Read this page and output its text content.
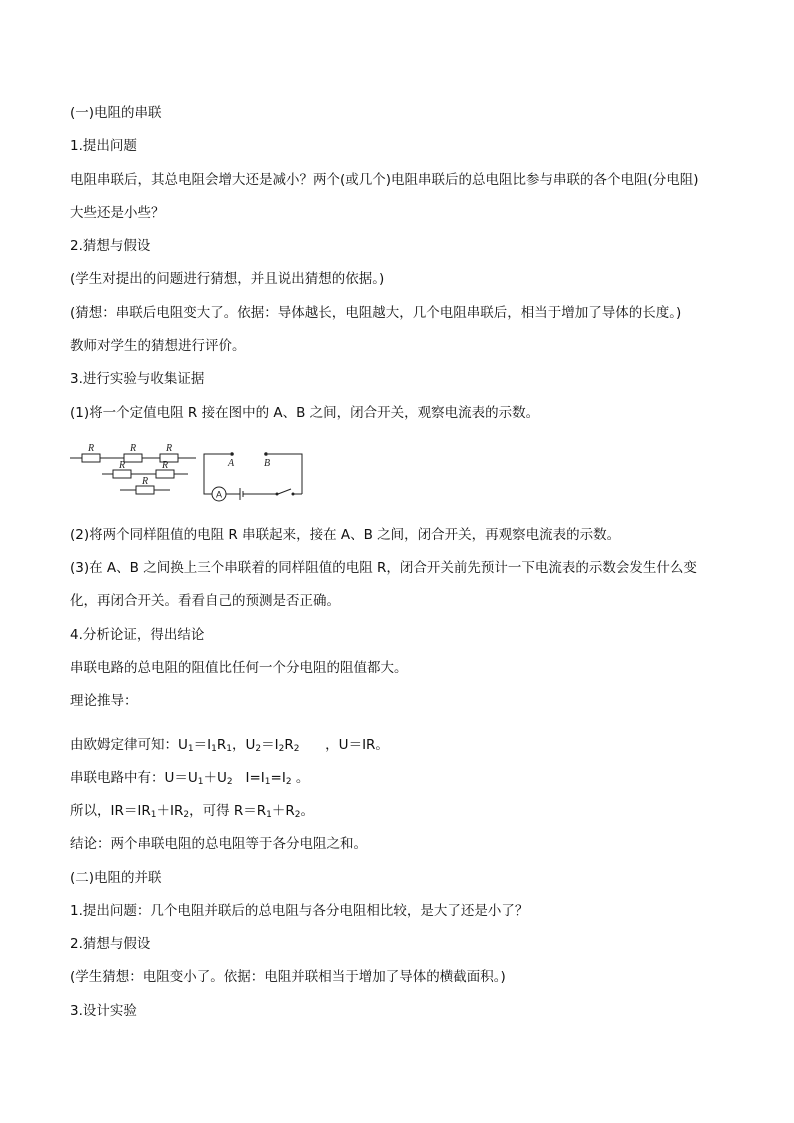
(一)电阻的串联
1.提出问题
电阻串联后，其总电阻会增大还是减小？两个(或几个)电阻串联后的总电阻比参与串联的各个电阻(分电阻)
大些还是小些？
2.猜想与假设
(学生对提出的问题进行猜想，并且说出猜想的依据。)
(猜想：串联后电阻变大了。依据：导体越长，电阻越大，几个电阻串联后，相当于增加了导体的长度。)
教师对学生的猜想进行评价。
3.进行实验与收集证据
(1)将一个定值电阻 R 接在图中的 A、B 之间，闭合开关，观察电流表的示数。
R	R	R
R	R
R
A	B
A
(2)将两个同样阻值的电阻 R 串联起来，接在 A、B 之间，闭合开关，再观察电流表的示数。
(3)在 A、B 之间换上三个串联着的同样阻值的电阻 R，闭合开关前先预计一下电流表的示数会发生什么变
化，再闭合开关。看看自己的预测是否正确。
4.分析论证，得出结论
串联电路的总电阻的阻值比任何一个分电阻的阻值都大。
理论推导：
由欧姆定律可知：$U_1=I_1R_1$，$U_2=I_2R_2$      ，U＝IR。
串联电路中有：$U=U_1+U_2$   $I=I_1=I_2$ 。
所以，$IR=IR_1+IR_2$，可得 $R=R_1+R_2$。
结论：两个串联电阻的总电阻等于各分电阻之和。
(二)电阻的并联
1.提出问题：几个电阻并联后的总电阻与各分电阻相比较，是大了还是小了？
2.猜想与假设
(学生猜想：电阻变小了。依据：电阻并联相当于增加了导体的横截面积。)
3.设计实验
